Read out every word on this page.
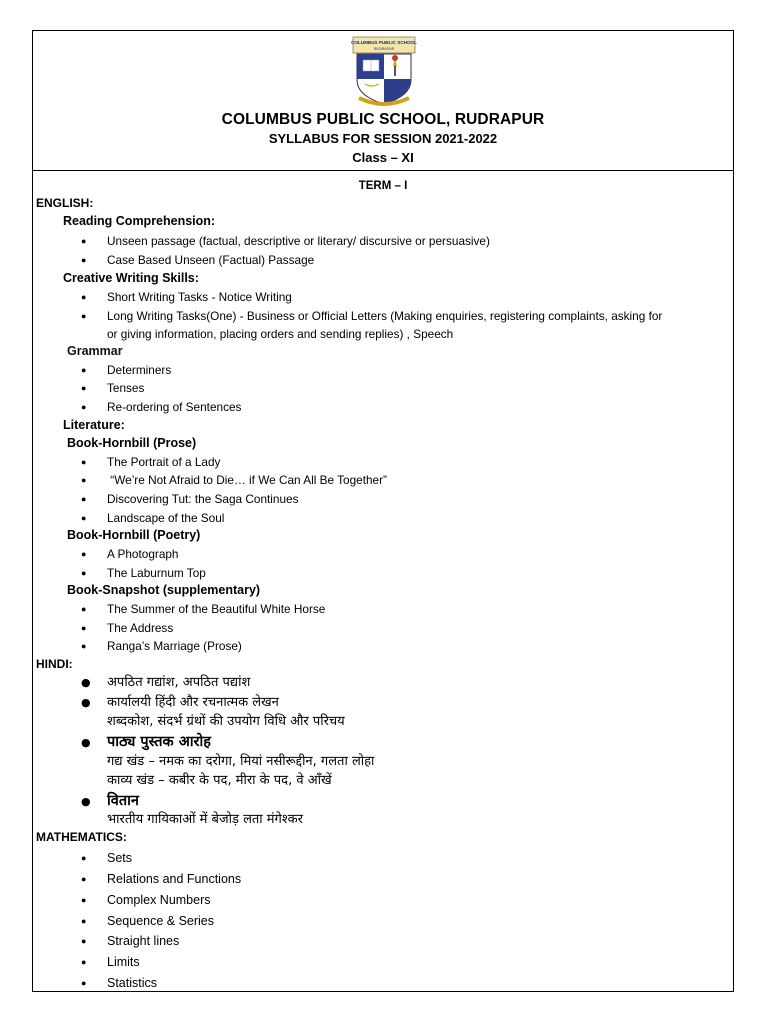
COLUMBUS PUBLIC SCHOOL
RUDRAPUR
COLUMBUS PUBLIC SCHOOL, RUDRAPUR
SYLLABUS FOR SESSION 2021-2022
Class – XI
TERM – I
ENGLISH:
Reading Comprehension:
● Unseen passage (factual, descriptive or literary/ discursive or persuasive)
● Case Based Unseen (Factual) Passage
Creative Writing Skills:
● Short Writing Tasks - Notice Writing
● Long Writing Tasks(One) - Business or Official Letters (Making enquiries, registering complaints, asking for
or giving information, placing orders and sending replies) , Speech
Grammar
● Determiners
● Tenses
● Re-ordering of Sentences
Literature:
Book-Hornbill (Prose)
● The Portrait of a Lady
● “We’re Not Afraid to Die… if We Can All Be Together”
● Discovering Tut: the Saga Continues
● Landscape of the Soul
Book-Hornbill (Poetry)
● A Photograph
● The Laburnum Top
Book-Snapshot (supplementary)
● The Summer of the Beautiful White Horse
● The Address
● Ranga’s Marriage (Prose)
HINDI:
● अपठित गद्यांश, अपठित पद्यांश
● कार्यालयी हिंदी और रचनात्मक लेखन
शब्दकोश, संदर्भ ग्रंथों की उपयोग विधि और परिचय
● पाठ्य पुस्तक आरोह
गद्य खंड – नमक का दरोगा, मियां नसीरूद्दीन, गलता लोहा
काव्य खंड – कबीर के पद, मीरा के पद, वे आँखें
● वितान
भारतीय गायिकाओं में बेजोड़ लता मंगेश्कर
MATHEMATICS:
● Sets
● Relations and Functions
● Complex Numbers
● Sequence & Series
● Straight lines
● Limits
● Statistics
